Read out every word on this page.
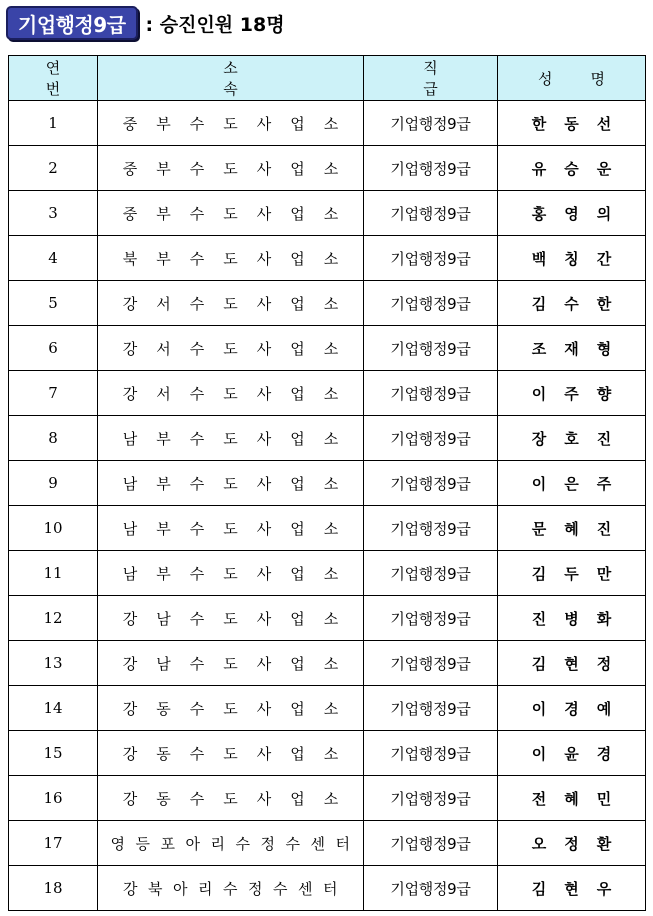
기업행정9급	: 승진인원 18명
연번	소속	직급	성명
1	중부수도사업소	기업행정9급	한동선
2	중부수도사업소	기업행정9급	유승운
3	중부수도사업소	기업행정9급	홍영의
4	북부수도사업소	기업행정9급	백칭간
5	강서수도사업소	기업행정9급	김수한
6	강서수도사업소	기업행정9급	조재형
7	강서수도사업소	기업행정9급	이주향
8	남부수도사업소	기업행정9급	장호진
9	남부수도사업소	기업행정9급	이은주
10	남부수도사업소	기업행정9급	문혜진
11	남부수도사업소	기업행정9급	김두만
12	강남수도사업소	기업행정9급	진병화
13	강남수도사업소	기업행정9급	김현정
14	강동수도사업소	기업행정9급	이경예
15	강동수도사업소	기업행정9급	이윤경
16	강동수도사업소	기업행정9급	전혜민
17	영등포아리수정수센터	기업행정9급	오정환
18	강북아리수정수센터	기업행정9급	김현우
